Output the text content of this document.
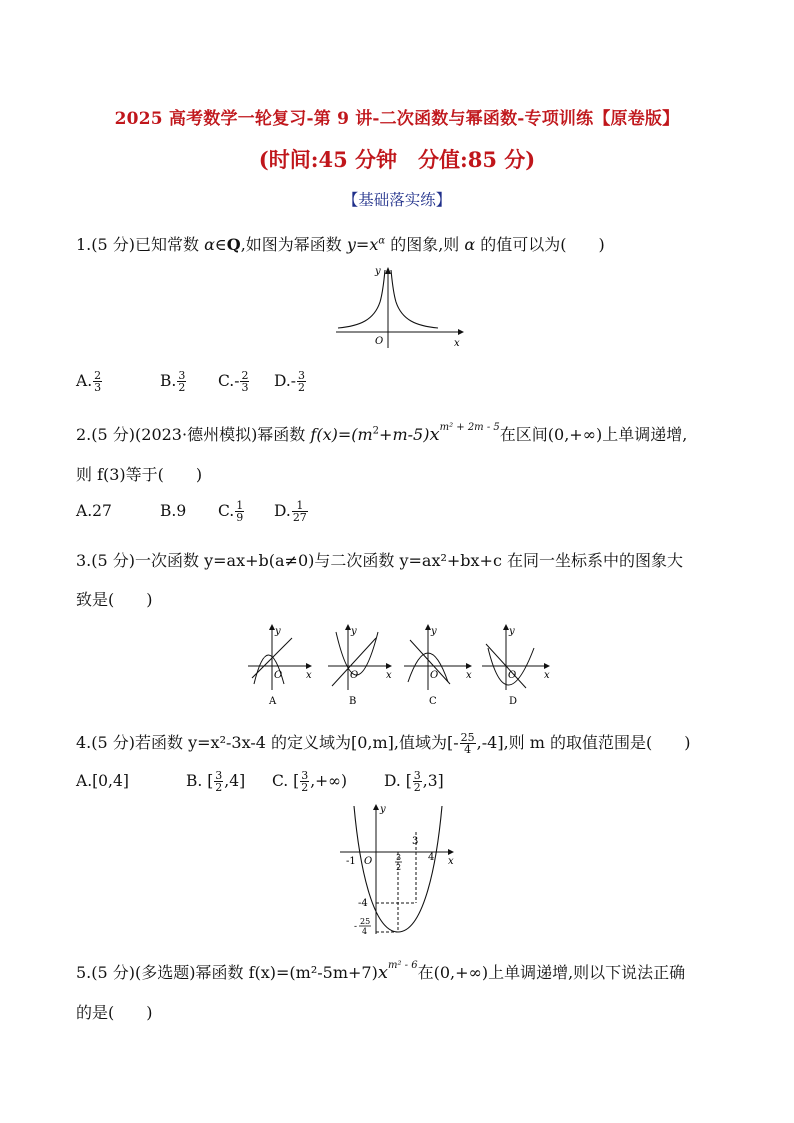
2025 高考数学一轮复习-第 9 讲-二次函数与幂函数-专项训练【原卷版】
(时间:45 分钟　分值:85 分)
【基础落实练】
1.(5 分)已知常数 α∈Q,如图为幂函数 $y=x^\alpha$ 的图象,则 α 的值可以为(　　)
y
x
O
A. $\frac{2}{3}$	B. $\frac{3}{2} C.- \frac{2}{3} D.- \frac{3}{2}$
2.(5 分)(2023·德州模拟)幂函数 $f(x)=(m^2+m-5)x^{m^2 + 2m - 5}$在区间(0,+∞)上单调递增,
则 f(3)等于(　　)
A.27	B.9 C. $\frac{1}{9} D$. $\frac{1}{27}$
3.(5 分)一次函数 y=ax+b(a≠0)与二次函数 y=ax²+bx+c 在同一坐标系中的图象大
致是(　　)
y
O x
A
y
O	x
B
y
O	x
C
y
O	x
D
4.(5 分)若函数 y=x²-3x-4 的定义域为[0,m],值域为[- $\frac{25}{4} ,-4$],则 m 的取值范围是(　　)
A.[0,4]	B. [ $\frac{3}{2} ,4$] C. [ $\frac{3}{2}$ ,+∞) D. [ $\frac{3}{2} ,3$]
y
x
O
-1
3
4
3
2
-4
-
25
4
5.(5 分)(多选题)幂函数 $f(x)=(m^2-5m+7)x^{m^2 - 6}$在(0,+∞)上单调递增,则以下说法正确
的是(　　)
